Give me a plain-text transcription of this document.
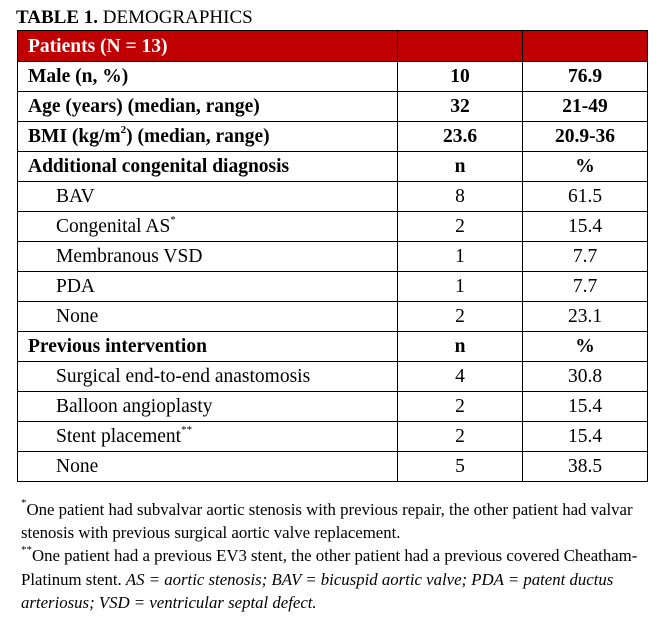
TABLE 1. DEMOGRAPHICS
Patients (N = 13)		
Male (n, %)	10	76.9
Age (years) (median, range)	32	21-49
BMI $(kg/m^2)$ (median, range)	23.6	20.9-36
Additional congenital diagnosis	n	%
BAV	8	61.5
Congenital AS*	2	15.4
Membranous VSD	1	7.7
PDA	1	7.7
None	2	23.1
Previous intervention	n	%
Surgical end-to-end anastomosis	4	30.8
Balloon angioplasty	2	15.4
Stent placement**	2	15.4
None	5	38.5

*One patient had subvalvar aortic stenosis with previous repair, the other patient had valvar stenosis with previous surgical aortic valve replacement.

**One patient had a previous EV3 stent, the other patient had a previous covered Cheatham-Platinum stent. AS = aortic stenosis; BAV = bicuspid aortic valve; PDA = patent ductus arteriosus; VSD = ventricular septal defect.
